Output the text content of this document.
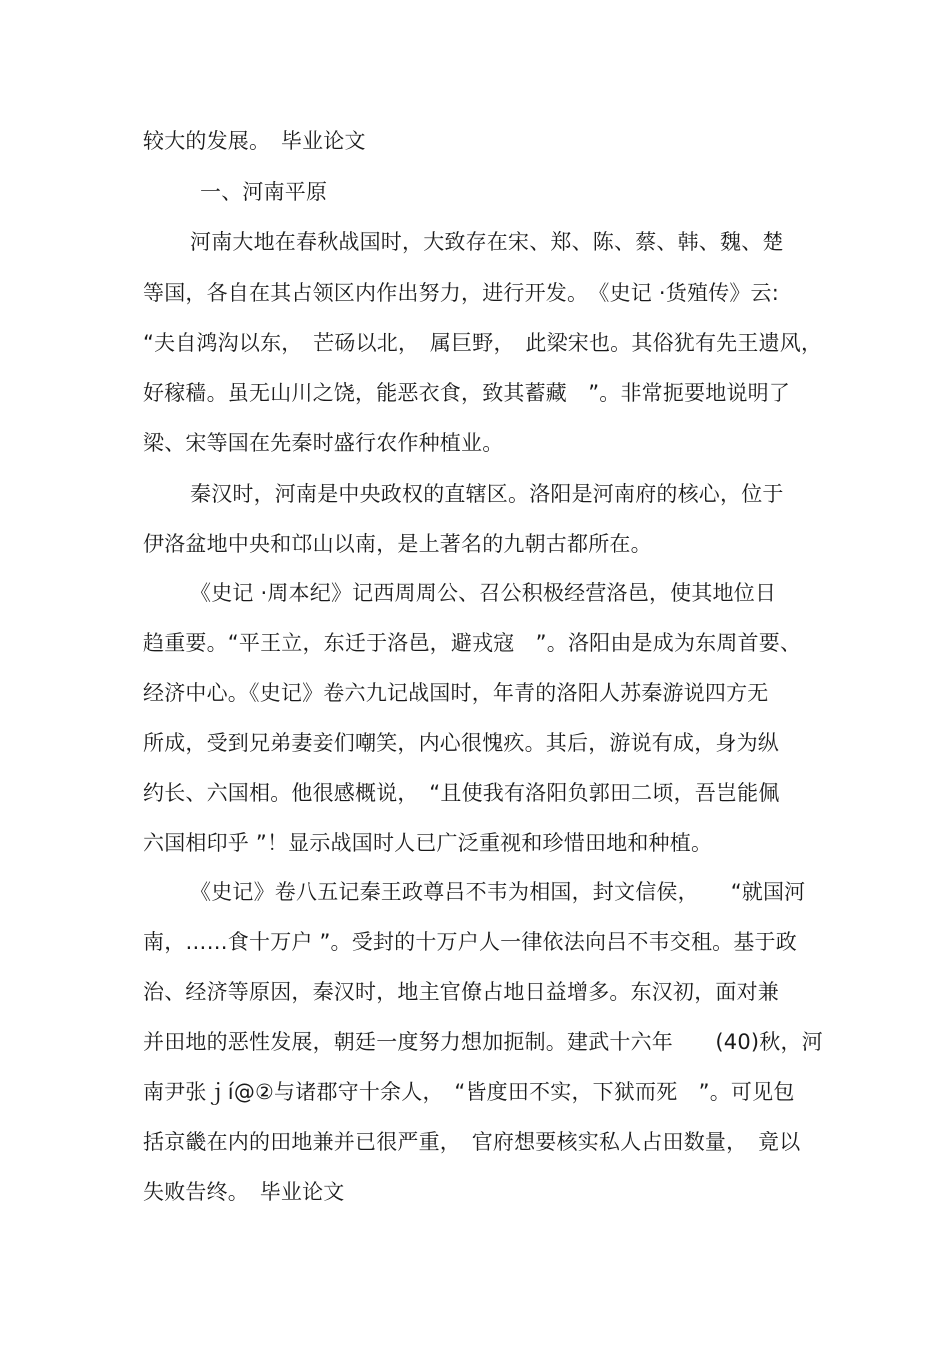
较大的发展。　毕业论文
一、河南平原
河南大地在春秋战国时，大致存在宋、郑、陈、蔡、韩、魏、楚
等国，各自在其占领区内作出努力，进行开发。　《史记 ·货殖传》云:
“夫自鸿沟以东，　芒砀以北，　属巨野，　此梁宋也。其俗犹有先王遗风，
好稼穑。虽无山川之饶，能恶衣食，致其蓄藏　”。非常扼要地说明了
梁、宋等国在先秦时盛行农作种植业。
秦汉时，河南是中央政权的直辖区。洛阳是河南府的核心，位于
伊洛盆地中央和邙山以南，是上著名的九朝古都所在。
《史记 ·周本纪》记西周周公、召公积极经营洛邑，使其地位日
趋重要。“平王立，东迁于洛邑，避戎寇　”。洛阳由是成为东周首要、
经济中心。《史记》卷六九记战国时，年青的洛阳人苏秦游说四方无
所成，受到兄弟妻妾们嘲笑，内心很愧疚。其后，游说有成，身为纵
约长、六国相。他很感概说，　“且使我有洛阳负郭田二顷，吾岂能佩
六国相印乎 ”！显示战国时人已广泛重视和珍惜田地和种植。
《史记》卷八五记秦王政尊吕不韦为相国，封文信侯，　　“就国河
南，……食十万户 ”。受封的十万户人一律依法向吕不韦交租。基于政
治、经济等原因，秦汉时，地主官僚占地日益增多。东汉初，面对兼
并田地的恶性发展，朝廷一度努力想加扼制。建武十六年　　(40)秋，河
南尹张ｊí@②与诸郡守十余人，　“皆度田不实，下狱而死　”。可见包
括京畿在内的田地兼并已很严重，　官府想要核实私人占田数量，　竟以
失败告终。　毕业论文
